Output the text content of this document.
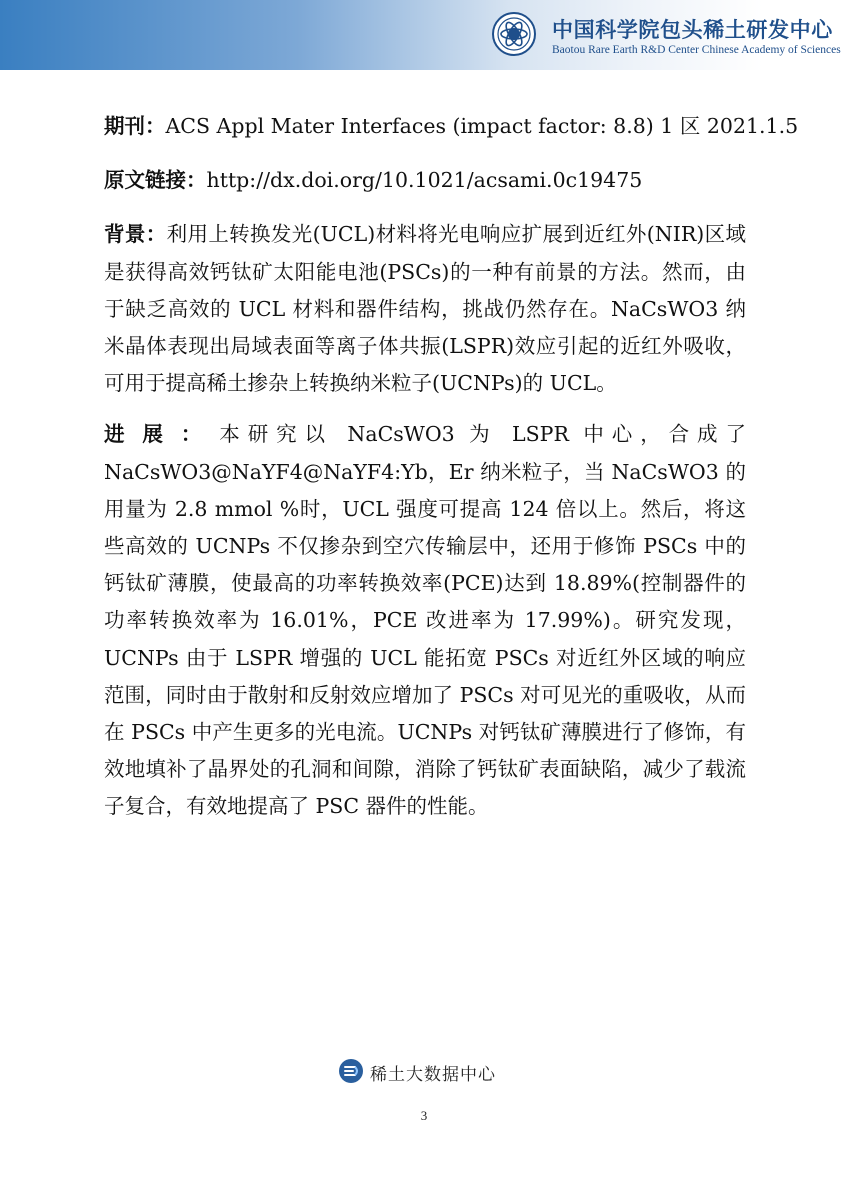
中国科学院包头稀土研发中心
Baotou Rare Earth R&D Center Chinese Academy of Sciences

期刊：ACS Appl Mater Interfaces (impact factor: 8.8) 1 区 2021.1.5

原文链接：http://dx.doi.org/10.1021/acsami.0c19475

背景：利用上转换发光(UCL)材料将光电响应扩展到近红外(NIR)区域是获得高效钙钛矿太阳能电池(PSCs)的一种有前景的方法。然而，由于缺乏高效的 UCL 材料和器件结构，挑战仍然存在。NaCsWO3 纳米晶体表现出局域表面等离子体共振(LSPR)效应引起的近红外吸收，可用于提高稀土掺杂上转换纳米粒子(UCNPs)的 UCL。

进展：本研究以 NaCsWO3 为 LSPR 中心，合成了 NaCsWO3@NaYF4@NaYF4:Yb，Er 纳米粒子，当 NaCsWO3 的用量为 2.8 mmol %时，UCL 强度可提高 124 倍以上。然后，将这些高效的 UCNPs 不仅掺杂到空穴传输层中，还用于修饰 PSCs 中的钙钛矿薄膜，使最高的功率转换效率(PCE)达到 18.89%(控制器件的功率转换效率为 16.01%，PCE 改进率为 17.99%)。研究发现，UCNPs 由于 LSPR 增强的 UCL 能拓宽 PSCs 对近红外区域的响应范围，同时由于散射和反射效应增加了 PSCs 对可见光的重吸收，从而在 PSCs 中产生更多的光电流。UCNPs 对钙钛矿薄膜进行了修饰，有效地填补了晶界处的孔洞和间隙，消除了钙钛矿表面缺陷，减少了载流子复合，有效地提高了 PSC 器件的性能。

稀土大数据中心
3
